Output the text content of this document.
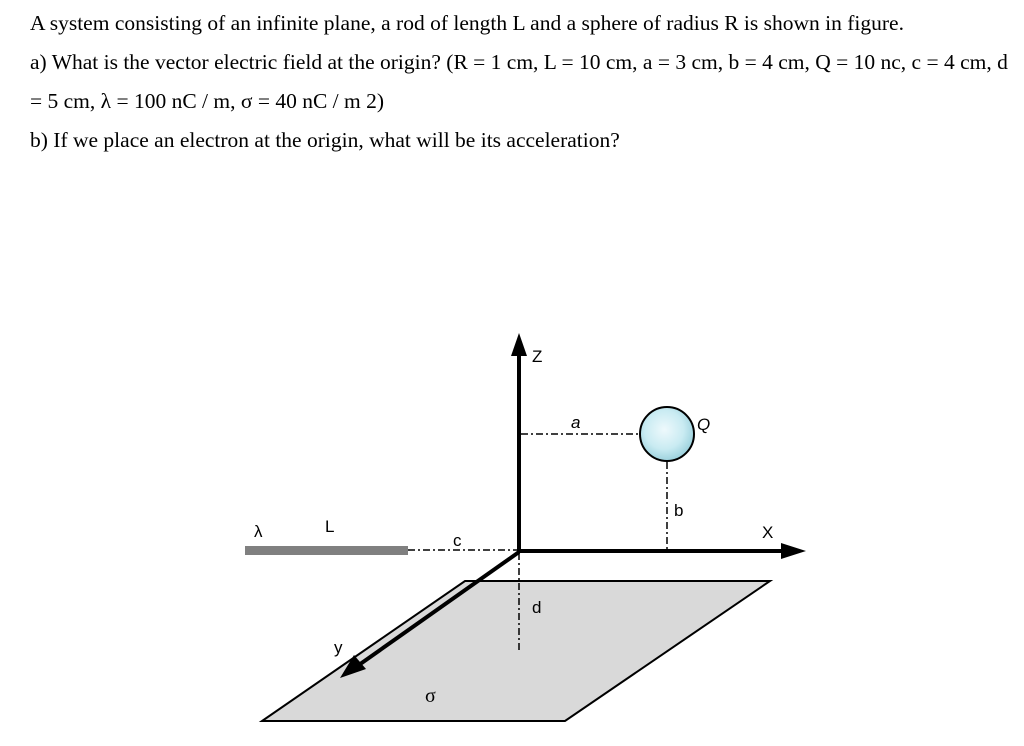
A system consisting of an infinite plane, a rod of length L and a sphere of radius R is shown in figure.

a) What is the vector electric field at the origin? (R = 1 cm, L = 10 cm, a = 3 cm, b = 4 cm, Q = 10 nc, c = 4 cm, d = 5 cm, λ = 100 nC / m, σ = 40 nC / m 2)

b) If we place an electron at the origin, what will be its acceleration?

Z
X
y
a
b
c
d
Q
L
λ
σ
